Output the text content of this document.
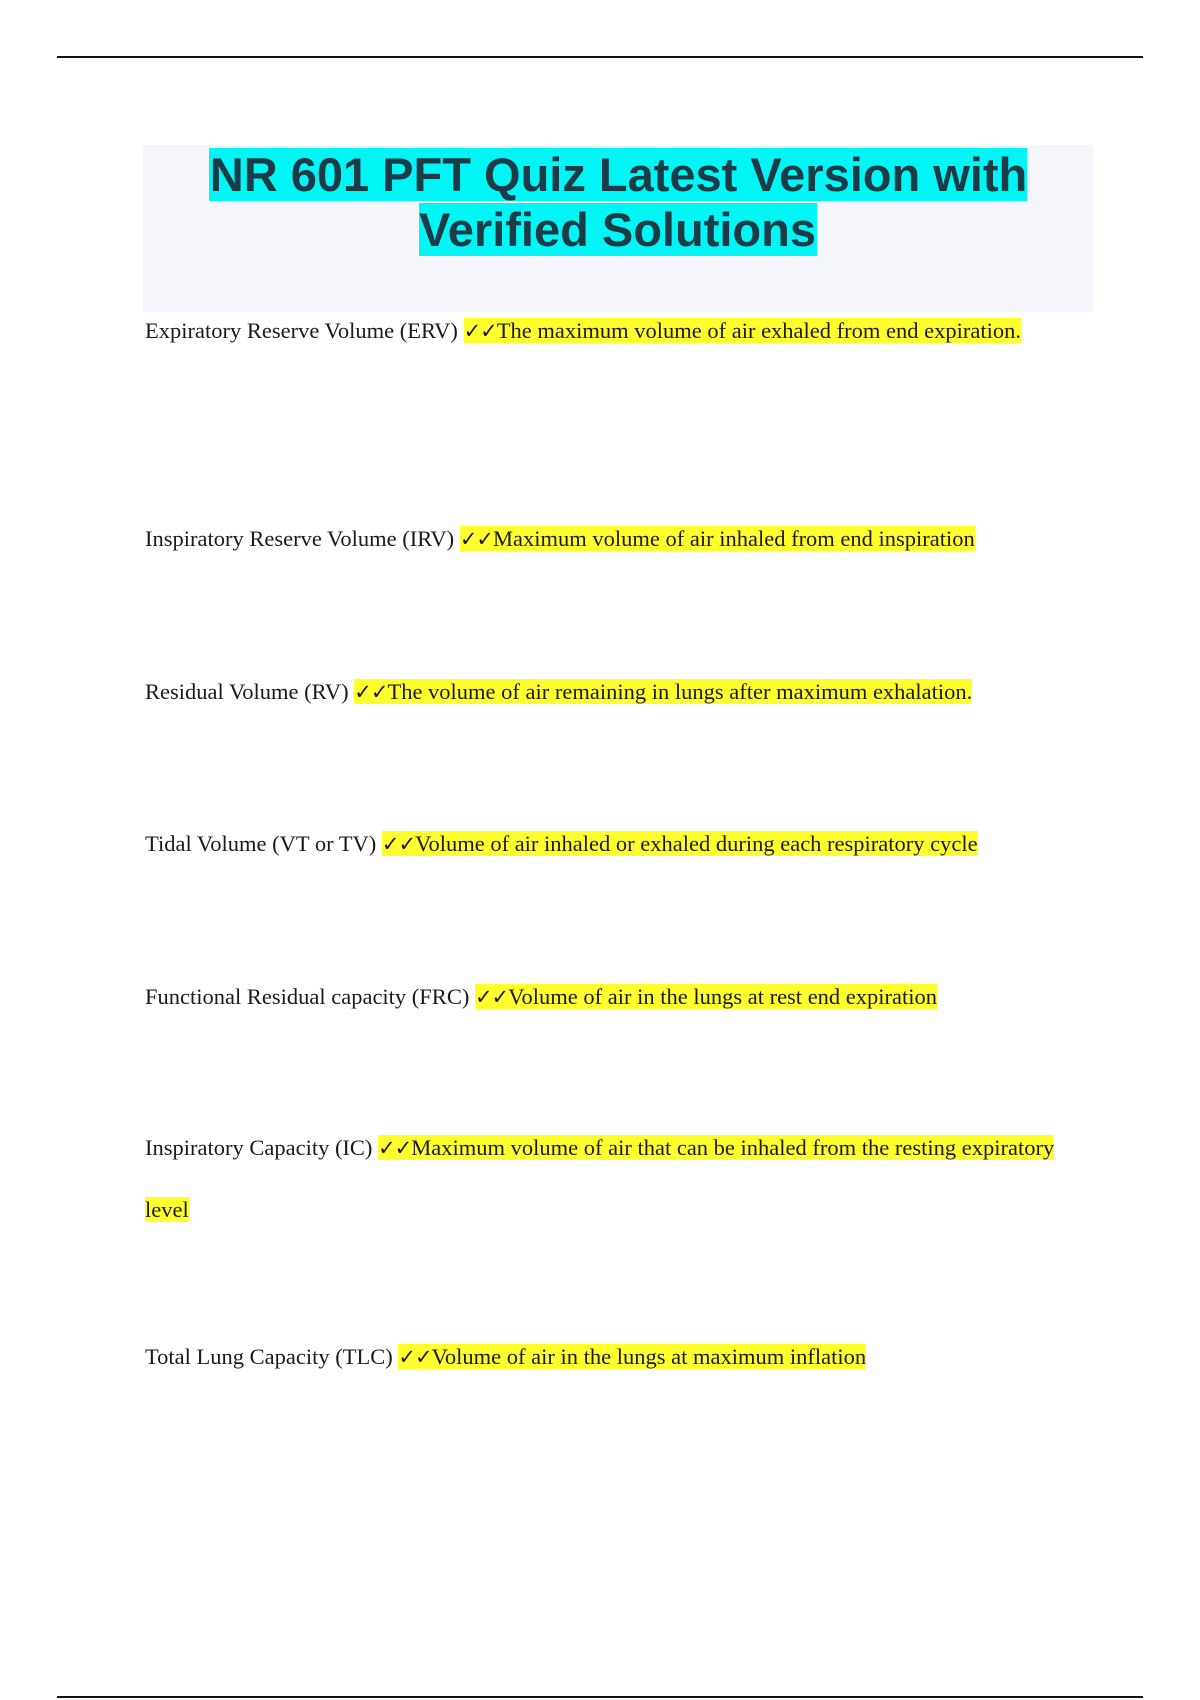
NR 601 PFT Quiz Latest Version with Verified Solutions

Expiratory Reserve Volume (ERV) ✓✓The maximum volume of air exhaled from end expiration.

Inspiratory Reserve Volume (IRV) ✓✓Maximum volume of air inhaled from end inspiration

Residual Volume (RV) ✓✓The volume of air remaining in lungs after maximum exhalation.

Tidal Volume (VT or TV) ✓✓Volume of air inhaled or exhaled during each respiratory cycle

Functional Residual capacity (FRC) ✓✓Volume of air in the lungs at rest end expiration

Inspiratory Capacity (IC) ✓✓Maximum volume of air that can be inhaled from the resting expiratory level

Total Lung Capacity (TLC) ✓✓Volume of air in the lungs at maximum inflation
